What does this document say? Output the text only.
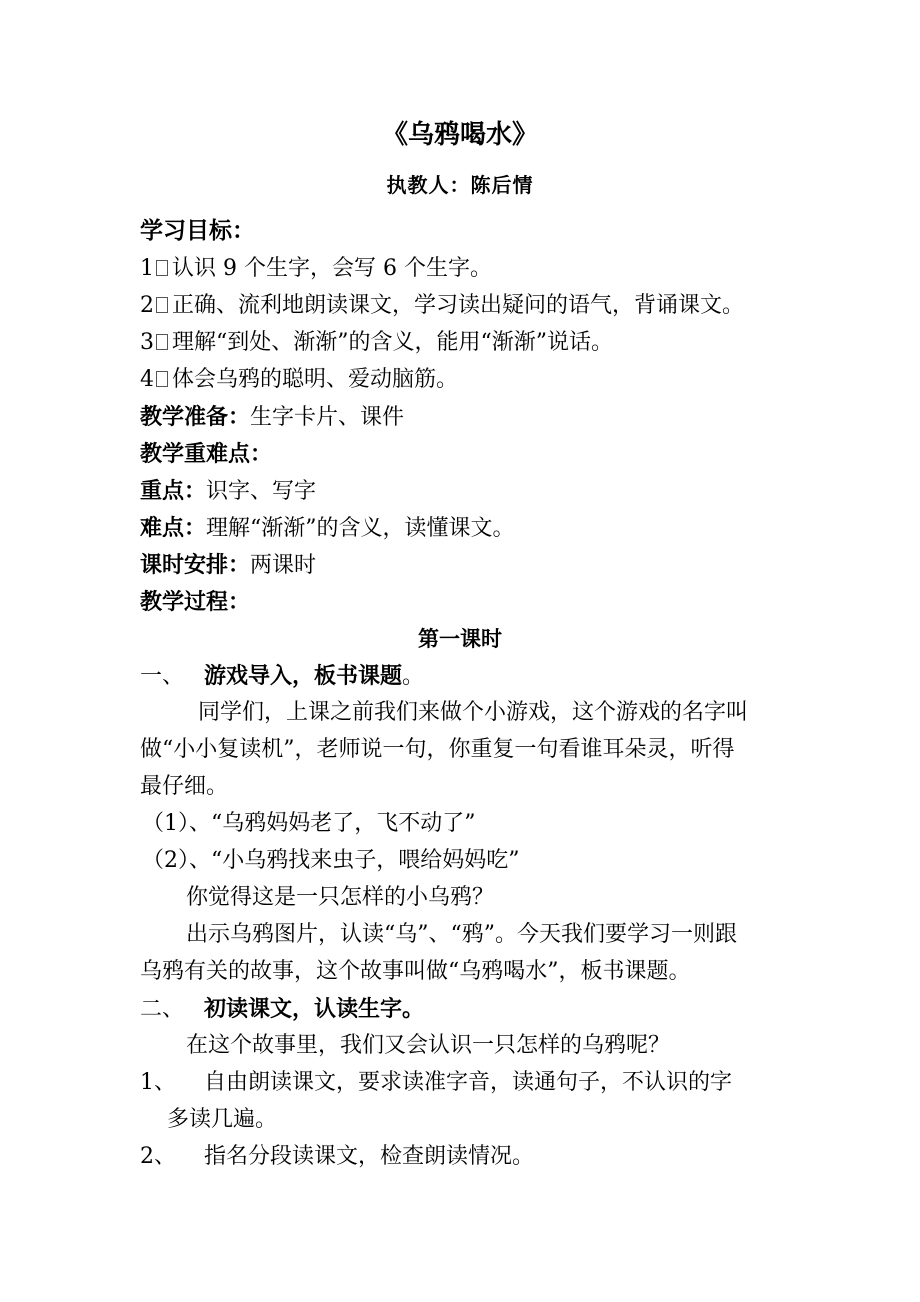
《乌鸦喝水》
执教人：陈后情
学习目标：
1 认识 9 个生字，会写 6 个生字。
2 正确、流利地朗读课文，学习读出疑问的语气，背诵课文。
3 理解“到处、渐渐”的含义，能用“渐渐”说话。
4 体会乌鸦的聪明、爱动脑筋。
教学准备：生字卡片、课件
教学重难点：
重点：识字、写字
难点：理解“渐渐”的含义，读懂课文。
课时安排：两课时
教学过程：
第一课时
一、 游戏导入，板书课题。
同学们，上课之前我们来做个小游戏，这个游戏的名字叫
做“小小复读机”，老师说一句，你重复一句看谁耳朵灵，听得
最仔细。
（1）、“乌鸦妈妈老了，飞不动了”
（2）、“小乌鸦找来虫子，喂给妈妈吃”
你觉得这是一只怎样的小乌鸦？
出示乌鸦图片，认读“乌”、“鸦”。今天我们要学习一则跟
乌鸦有关的故事，这个故事叫做“乌鸦喝水”，板书课题。
二、 初读课文，认读生字。
在这个故事里，我们又会认识一只怎样的乌鸦呢？
1、 自由朗读课文，要求读准字音，读通句子，不认识的字
多读几遍。
2、 指名分段读课文，检查朗读情况。
